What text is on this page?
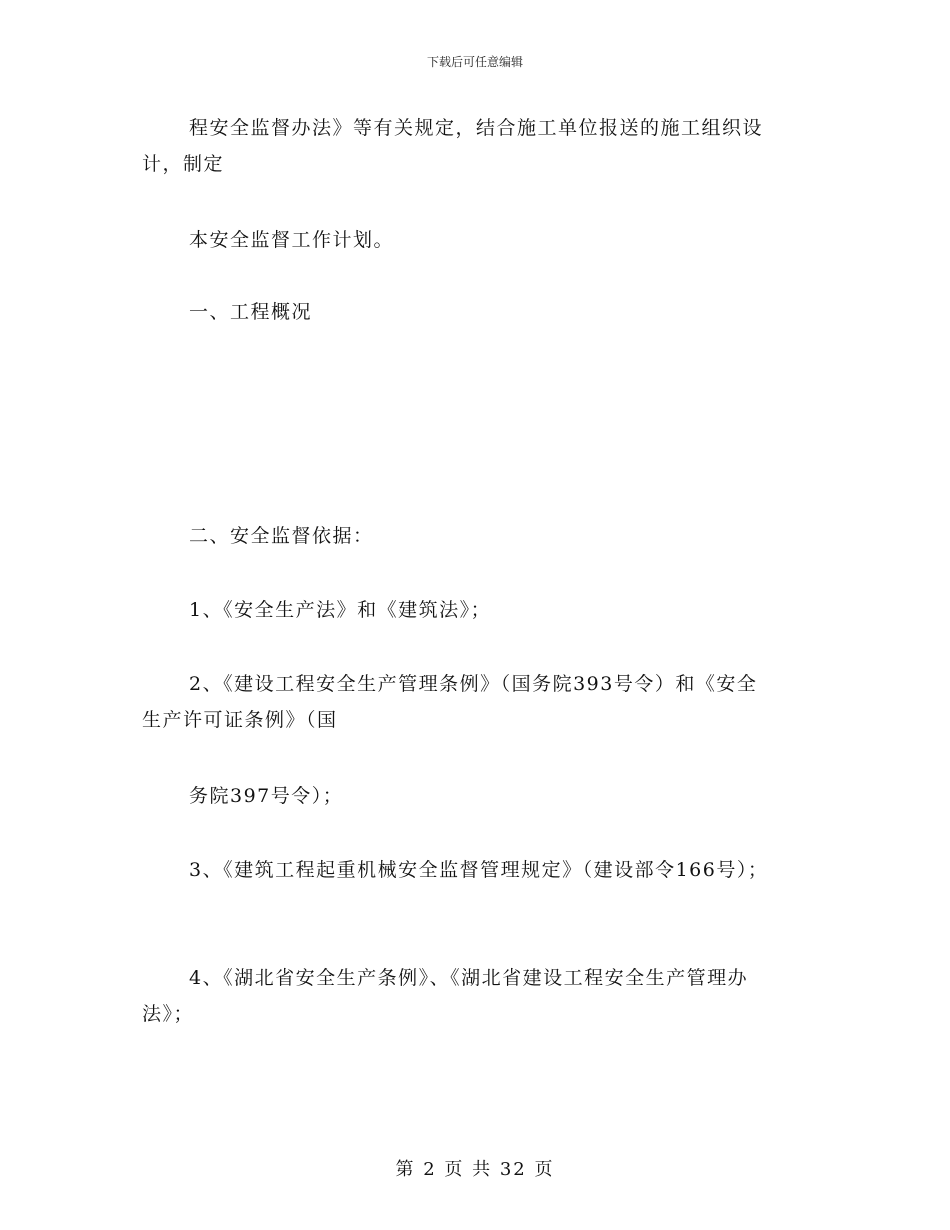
下载后可任意编辑
程安全监督办法》等有关规定，结合施工单位报送的施工组织设
计，制定
本安全监督工作计划。
一、工程概况
二、安全监督依据：
1、《安全生产法》和《建筑法》；
2、《建设工程安全生产管理条例》（国务院393号令）和《安全
生产许可证条例》（国
务院397号令）；
3、《建筑工程起重机械安全监督管理规定》（建设部令166号）；
4、《湖北省安全生产条例》、《湖北省建设工程安全生产管理办
法》；
第 2 页 共 32 页
